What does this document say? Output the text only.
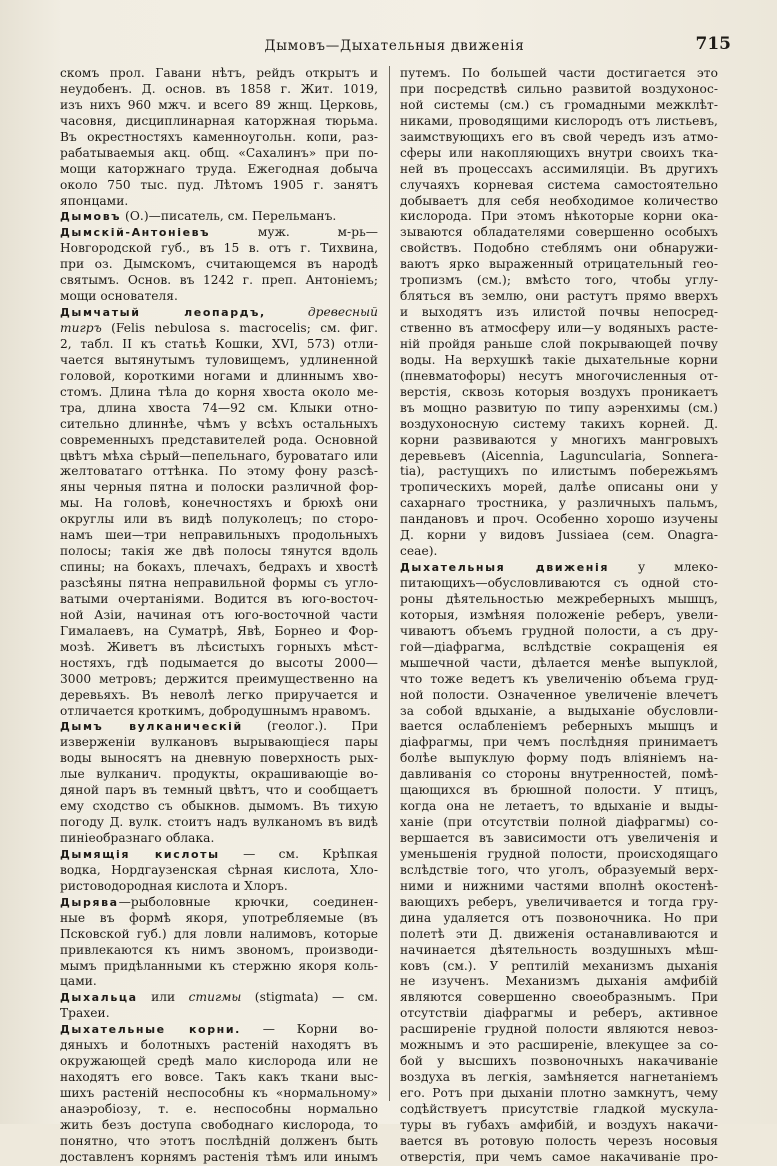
Дымовъ—Дыхательныя движенія	715
скомъ прол. Гавани нѣтъ, рейдъ открытъ и
неудобенъ. Д. основ. въ 1858 г. Жит. 1019,
изъ нихъ 960 мжч. и всего 89 жнщ. Церковь,
часовня, дисциплинарная каторжная тюрьма.
Въ окрестностяхъ каменноугольн. копи, раз-
рабатываемыя акц. общ. «Сахалинъ» при по-
мощи каторжнаго труда. Ежегодная добыча
около 750 тыс. пуд. Лѣтомъ 1905 г. занятъ
японцами.
Дымовъ (О.)—писатель, см. Перельманъ.
Дымскій-Антоніевъ муж. м-рь—
Новгородской губ., въ 15 в. отъ г. Тихвина,
при оз. Дымскомъ, считающемся въ народѣ
святымъ. Основ. въ 1242 г. преп. Антоніемъ;
мощи основателя.
Дымчатый леопардъ, древесный
тигръ (Felis nebulosa s. macrocelis; см. фиг.
2, табл. II къ статьѣ Кошки, XVI, 573) отли-
чается вытянутымъ туловищемъ, удлиненной
головой, короткими ногами и длиннымъ хво-
стомъ. Длина тѣла до корня хвоста около ме-
тра, длина хвоста 74—92 см. Клыки отно-
сительно длиннѣе, чѣмъ у всѣхъ остальныхъ
современныхъ представителей рода. Основной
цвѣтъ мѣха сѣрый—пепельнаго, буроватаго или
желтоватаго оттѣнка. По этому фону разсѣ-
яны черныя пятна и полоски различной фор-
мы. На головѣ, конечностяхъ и брюхѣ они
округлы или въ видѣ полуколецъ; по сторо-
намъ шеи—три неправильныхъ продольныхъ
полосы; такія же двѣ полосы тянутся вдоль
спины; на бокахъ, плечахъ, бедрахъ и хвостѣ
разсѣяны пятна неправильной формы съ угло-
ватыми очертаніями. Водится въ юго-восточ-
ной Азіи, начиная отъ юго-восточной части
Гималаевъ, на Суматрѣ, Явѣ, Борнео и Фор-
мозѣ. Живетъ въ лѣсистыхъ горныхъ мѣст-
ностяхъ, гдѣ подымается до высоты 2000—
3000 метровъ; держится преимущественно на
деревьяхъ. Въ неволѣ легко приручается и
отличается кроткимъ, добродушнымъ нравомъ.
Дымъ вулканическій (геолог.). При
изверженіи вулкановъ вырывающіеся пары
воды выносятъ на дневную поверхность рых-
лые вулканич. продукты, окрашивающіе во-
дяной паръ въ темный цвѣтъ, что и сообщаетъ
ему сходство съ обыкнов. дымомъ. Въ тихую
погоду Д. вулк. стоитъ надъ вулканомъ въ видѣ
пиніеобразнаго облака.
Дымящія кислоты — см. Крѣпкая
водка, Нордгаузенская сѣрная кислота, Хло-
ристоводородная кислота и Хлоръ.
Дырява—рыболовные крючки, соединен-
ные въ формѣ якоря, употребляемые (въ
Псковской губ.) для ловли налимовъ, которые
привлекаются къ нимъ звономъ, производи-
мымъ придѣланными къ стержню якоря коль-
цами.
Дыхальца или стигмы (stigmata) — см.
Трахеи.
Дыхательные корни. — Корни во-
дяныхъ и болотныхъ растеній находятъ въ
окружающей средѣ мало кислорода или не
находятъ его вовсе. Такъ какъ ткани выс-
шихъ растеній неспособны къ «нормальному»
анаэробіозу, т. е. неспособны нормально
жить безъ доступа свободнаго кислорода, то
понятно, что этотъ послѣдній долженъ быть
доставленъ корнямъ растенія тѣмъ или инымъ
путемъ. По большей части достигается это
при посредствѣ сильно развитой воздухонос-
ной системы (см.) съ громадными межклѣт-
никами, проводящими кислородъ отъ листьевъ,
заимствующихъ его въ свой чередъ изъ атмо-
сферы или накопляющихъ внутри своихъ тка-
ней въ процессахъ ассимиляціи. Въ другихъ
случаяхъ корневая система самостоятельно
добываетъ для себя необходимое количество
кислорода. При этомъ нѣкоторые корни ока-
зываются обладателями совершенно особыхъ
свойствъ. Подобно стеблямъ они обнаружи-
ваютъ ярко выраженный отрицательный гео-
тропизмъ (см.); вмѣсто того, чтобы углу-
бляться въ землю, они растутъ прямо вверхъ
и выходятъ изъ илистой почвы непосред-
ственно въ атмосферу или—у водяныхъ расте-
ній пройдя раньше слой покрывающей почву
воды. На верхушкѣ такіе дыхательные корни
(пневматофоры) несутъ многочисленныя от-
верстія, сквозь которыя воздухъ проникаетъ
въ мощно развитую по типу аэренхимы (см.)
воздухоносную систему такихъ корней. Д.
корни развиваются у многихъ мангровыхъ
деревьевъ (Aicennia, Laguncularia, Sonnera-
tia), растущихъ по илистымъ побережьямъ
тропическихъ морей, далѣе описаны они у
сахарнаго тростника, у различныхъ пальмъ,
пандановъ и проч. Особенно хорошо изучены
Д. корни у видовъ Jussiaea (сем. Onagra-
ceae).
Дыхательныя движенія у млеко-
питающихъ—обусловливаются съ одной сто-
роны дѣятельностью межреберныхъ мышцъ,
которыя, измѣняя положеніе реберъ, увели-
чиваютъ объемъ грудной полости, а съ дру-
гой—діафрагма, вслѣдствіе сокращенія ея
мышечной части, дѣлается менѣе выпуклой,
что тоже ведетъ къ увеличенію объема груд-
ной полости. Означенное увеличеніе влечетъ
за собой вдыханіе, а выдыханіе обусловли-
вается ослабленіемъ реберныхъ мышцъ и
діафрагмы, при чемъ послѣдняя принимаетъ
болѣе выпуклую форму подъ вліяніемъ на-
давливанія со стороны внутренностей, помѣ-
щающихся въ брюшной полости. У птицъ,
когда она не летаетъ, то вдыханіе и выды-
ханіе (при отсутствіи полной діафрагмы) со-
вершается въ зависимости отъ увеличенія и
уменьшенія грудной полости, происходящаго
вслѣдствіе того, что уголъ, образуемый верх-
ними и нижними частями вполнѣ окостенѣ-
вающихъ реберъ, увеличивается и тогда гру-
дина удаляется отъ позвоночника. Но при
полетѣ эти Д. движенія останавливаются и
начинается дѣятельность воздушныхъ мѣш-
ковъ (см.). У рептилій механизмъ дыханія
не изученъ. Механизмъ дыханія амфибій
являются совершенно своеобразнымъ. При
отсутствіи діафрагмы и реберъ, активное
расширеніе грудной полости являются невоз-
можнымъ и это расширеніе, влекущее за со-
бой у высшихъ позвоночныхъ накачиваніе
воздуха въ легкія, замѣняется нагнетаніемъ
его. Ротъ при дыханіи плотно замкнутъ, чему
содѣйствуетъ присутствіе гладкой мускула-
туры въ губахъ амфибій, и воздухъ накачи-
вается въ ротовую полость черезъ носовыя
отверстія, при чемъ самое накачиваніе про-
